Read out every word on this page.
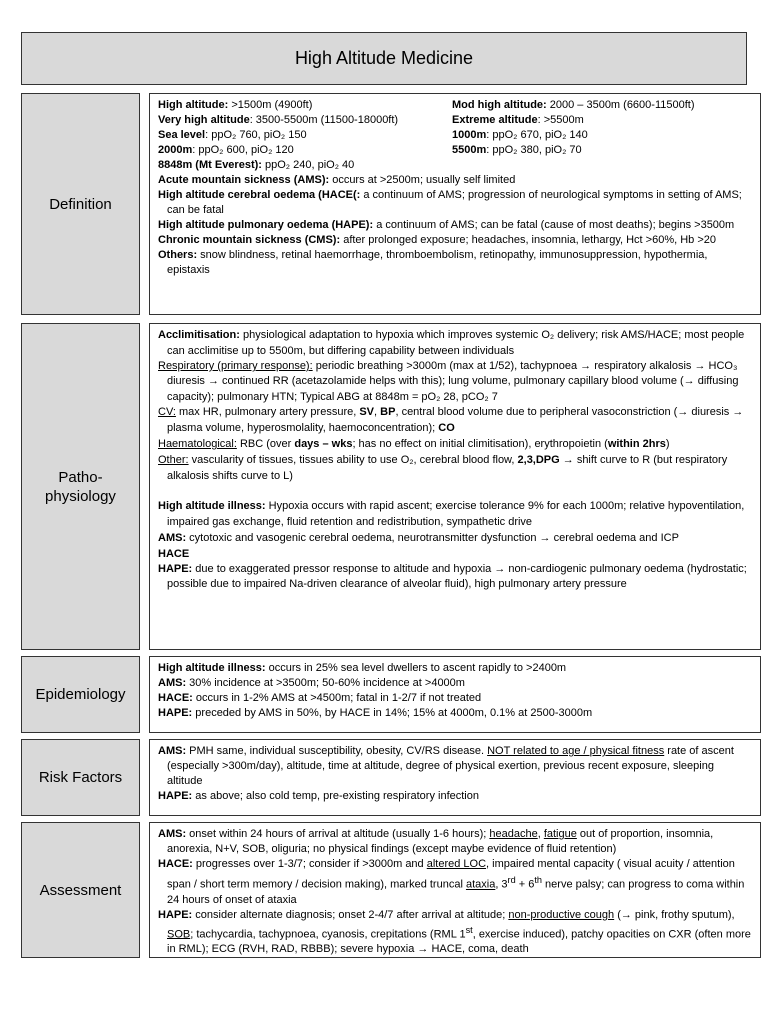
High Altitude Medicine
Definition
High altitude: >1500m (4900ft)	Mod high altitude: 2000 – 3500m (6600-11500ft)
Very high altitude: 3500-5500m (11500-18000ft)	Extreme altitude: >5500m
Sea level: ppO₂ 760, piO₂ 150	1000m: ppO₂ 670, piO₂ 140
2000m: ppO₂ 600, piO₂ 120	5500m: ppO₂ 380, piO₂ 70

8848m (Mt Everest): ppO₂ 240, piO₂ 40

Acute mountain sickness (AMS): occurs at >2500m; usually self limited

High altitude cerebral oedema (HACE(: a continuum of AMS; progression of neurological symptoms in setting of AMS; can be fatal

High altitude pulmonary oedema (HAPE): a continuum of AMS; can be fatal (cause of most deaths); begins >3500m

Chronic mountain sickness (CMS): after prolonged exposure; headaches, insomnia, lethargy, Hct >60%, Hb >20

Others: snow blindness, retinal haemorrhage, thromboembolism, retinopathy, immunosuppression, hypothermia, epistaxis

Patho-physiology

Acclimitisation: physiological adaptation to hypoxia which improves systemic O₂ delivery; risk AMS/HACE; most people can acclimitise up to 5500m, but differing capability between individuals

Respiratory (primary response): periodic breathing >3000m (max at 1/52), tachypnoea → respiratory alkalosis → HCO₃ diuresis → continued RR (acetazolamide helps with this); lung volume, pulmonary capillary blood volume (→ diffusing capacity); pulmonary HTN; Typical ABG at 8848m = pO₂ 28, pCO₂ 7

CV: max HR, pulmonary artery pressure, SV, BP, central blood volume due to peripheral vasoconstriction (→ diuresis → plasma volume, hyperosmolality, haemoconcentration); CO

Haematological: RBC (over days – wks; has no effect on initial climitisation), erythropoietin (within 2hrs)

Other: vascularity of tissues, tissues ability to use O₂, cerebral blood flow, 2,3,DPG → shift curve to R (but respiratory alkalosis shifts curve to L)

High altitude illness: Hypoxia occurs with rapid ascent; exercise tolerance 9% for each 1000m; relative hypoventilation, impaired gas exchange, fluid retention and redistribution, sympathetic drive

AMS: cytotoxic and vasogenic cerebral oedema, neurotransmitter dysfunction → cerebral oedema and ICP

HACE

HAPE: due to exaggerated pressor response to altitude and hypoxia → non-cardiogenic pulmonary oedema (hydrostatic; possible due to impaired Na-driven clearance of alveolar fluid), high pulmonary artery pressure

Epidemiology

High altitude illness: occurs in 25% sea level dwellers to ascent rapidly to >2400m

AMS: 30% incidence at >3500m; 50-60% incidence at >4000m

HACE: occurs in 1-2% AMS at >4500m; fatal in 1-2/7 if not treated

HAPE: preceded by AMS in 50%, by HACE in 14%; 15% at 4000m, 0.1% at 2500-3000m

Risk Factors

AMS: PMH same, individual susceptibility, obesity, CV/RS disease. NOT related to age / physical fitness rate of ascent (especially >300m/day), altitude, time at altitude, degree of physical exertion, previous recent exposure, sleeping altitude

HAPE: as above; also cold temp, pre-existing respiratory infection

Assessment

AMS: onset within 24 hours of arrival at altitude (usually 1-6 hours); headache, fatigue out of proportion, insomnia, anorexia, N+V, SOB, oliguria; no physical findings (except maybe evidence of fluid retention)

HACE: progresses over 1-3/7; consider if >3000m and altered LOC, impaired mental capacity ( visual acuity / attention span / short term memory / decision making), marked truncal ataxia, 3rd + 6th nerve palsy; can progress to coma within 24 hours of onset of ataxia

HAPE: consider alternate diagnosis; onset 2-4/7 after arrival at altitude; non-productive cough (→ pink, frothy sputum), SOB; tachycardia, tachypnoea, cyanosis, crepitations (RML 1st, exercise induced), patchy opacities on CXR (often more in RML); ECG (RVH, RAD, RBBB); severe hypoxia → HACE, coma, death
